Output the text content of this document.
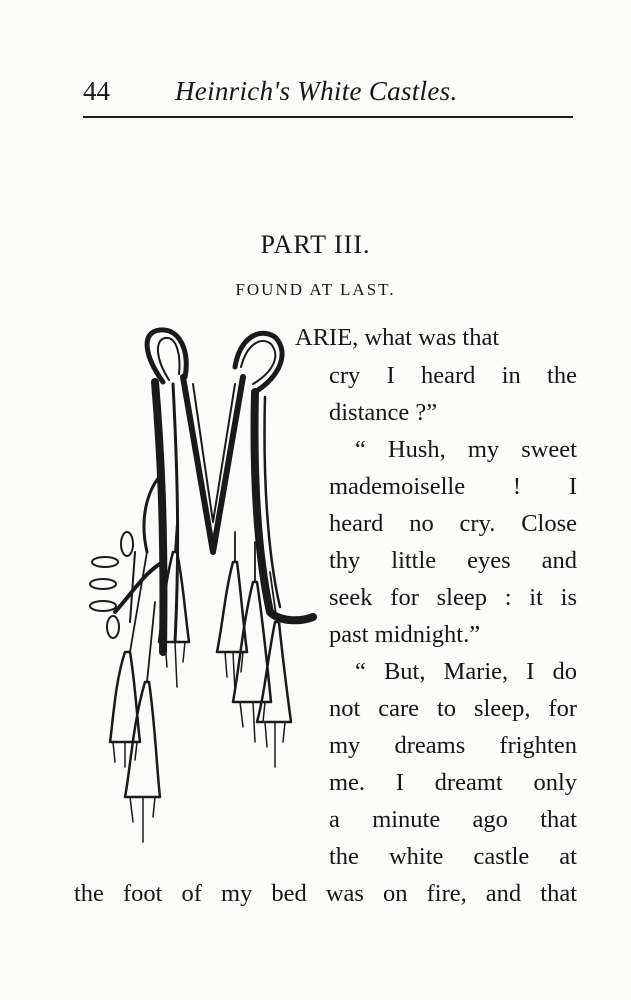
44 Heinrich's White Castles.
PART III.
FOUND AT LAST.
ARIE, what was that
cry I heard in the
distance ?”
“ Hush, my sweet
mademoiselle ! I
heard no cry. Close
thy little eyes and
seek for sleep : it is
past midnight.”
“ But, Marie, I do
not care to sleep, for
my dreams frighten
me. I dreamt only
a minute ago that
the white castle at
the foot of my bed was on fire, and that
